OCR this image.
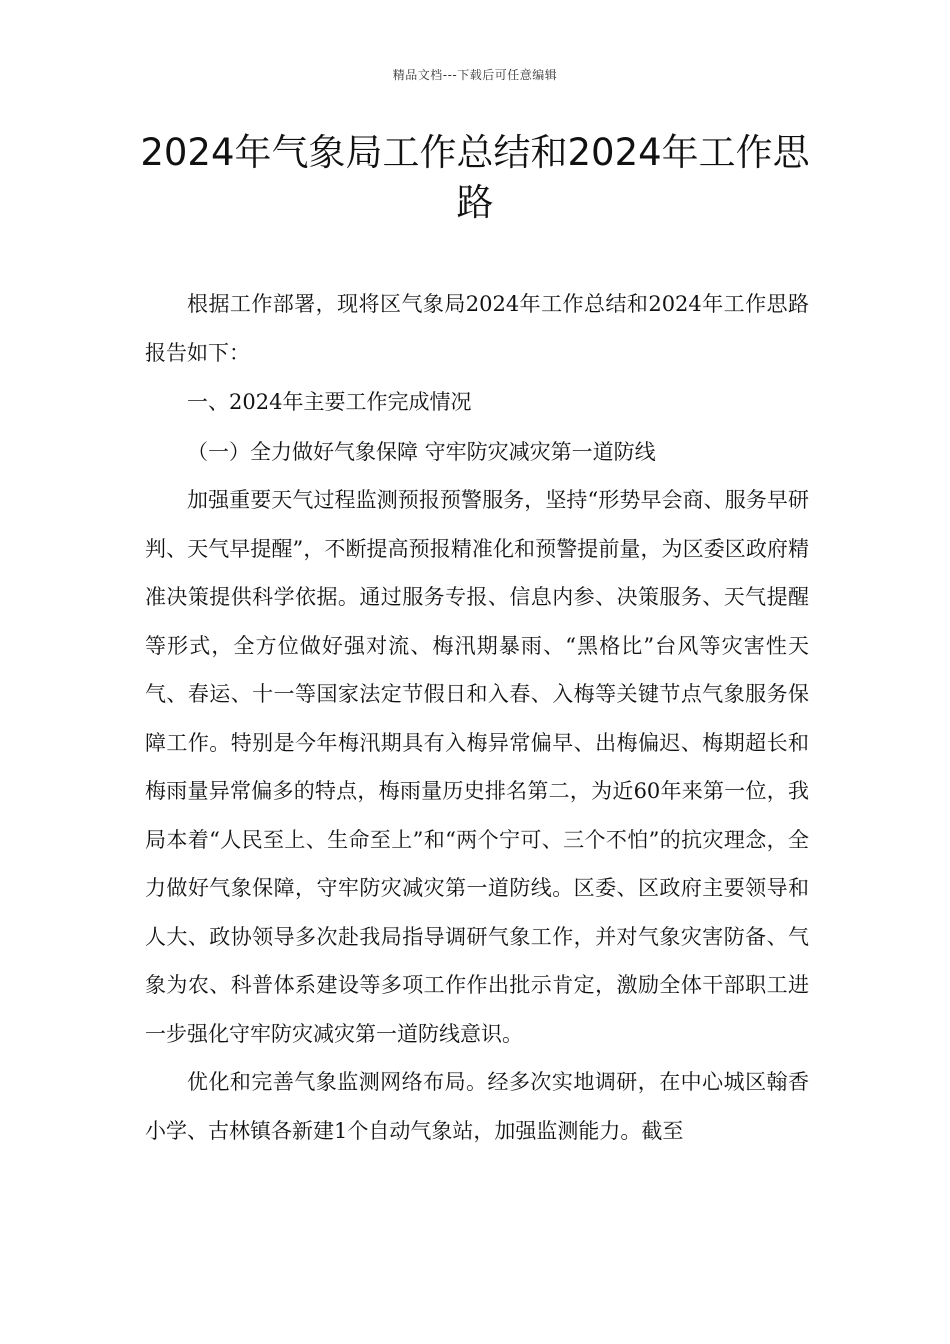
精品文档---下载后可任意编辑
2024年气象局工作总结和2024年工作思路

根据工作部署，现将区气象局2024年工作总结和2024年工作思路报告如下：

一、2024年主要工作完成情况

（一）全力做好气象保障 守牢防灾减灾第一道防线

加强重要天气过程监测预报预警服务，坚持“形势早会商、服务早研判、天气早提醒”，不断提高预报精准化和预警提前量，为区委区政府精准决策提供科学依据。通过服务专报、信息内参、决策服务、天气提醒等形式，全方位做好强对流、梅汛期暴雨、“黑格比”台风等灾害性天气、春运、十一等国家法定节假日和入春、入梅等关键节点气象服务保障工作。特别是今年梅汛期具有入梅异常偏早、出梅偏迟、梅期超长和梅雨量异常偏多的特点，梅雨量历史排名第二，为近60年来第一位，我局本着“人民至上、生命至上”和“两个宁可、三个不怕”的抗灾理念，全力做好气象保障，守牢防灾减灾第一道防线。区委、区政府主要领导和人大、政协领导多次赴我局指导调研气象工作，并对气象灾害防备、气象为农、科普体系建设等多项工作作出批示肯定，激励全体干部职工进一步强化守牢防灾减灾第一道防线意识。

优化和完善气象监测网络布局。经多次实地调研，在中心城区翰香小学、古林镇各新建1个自动气象站，加强监测能力。截至
